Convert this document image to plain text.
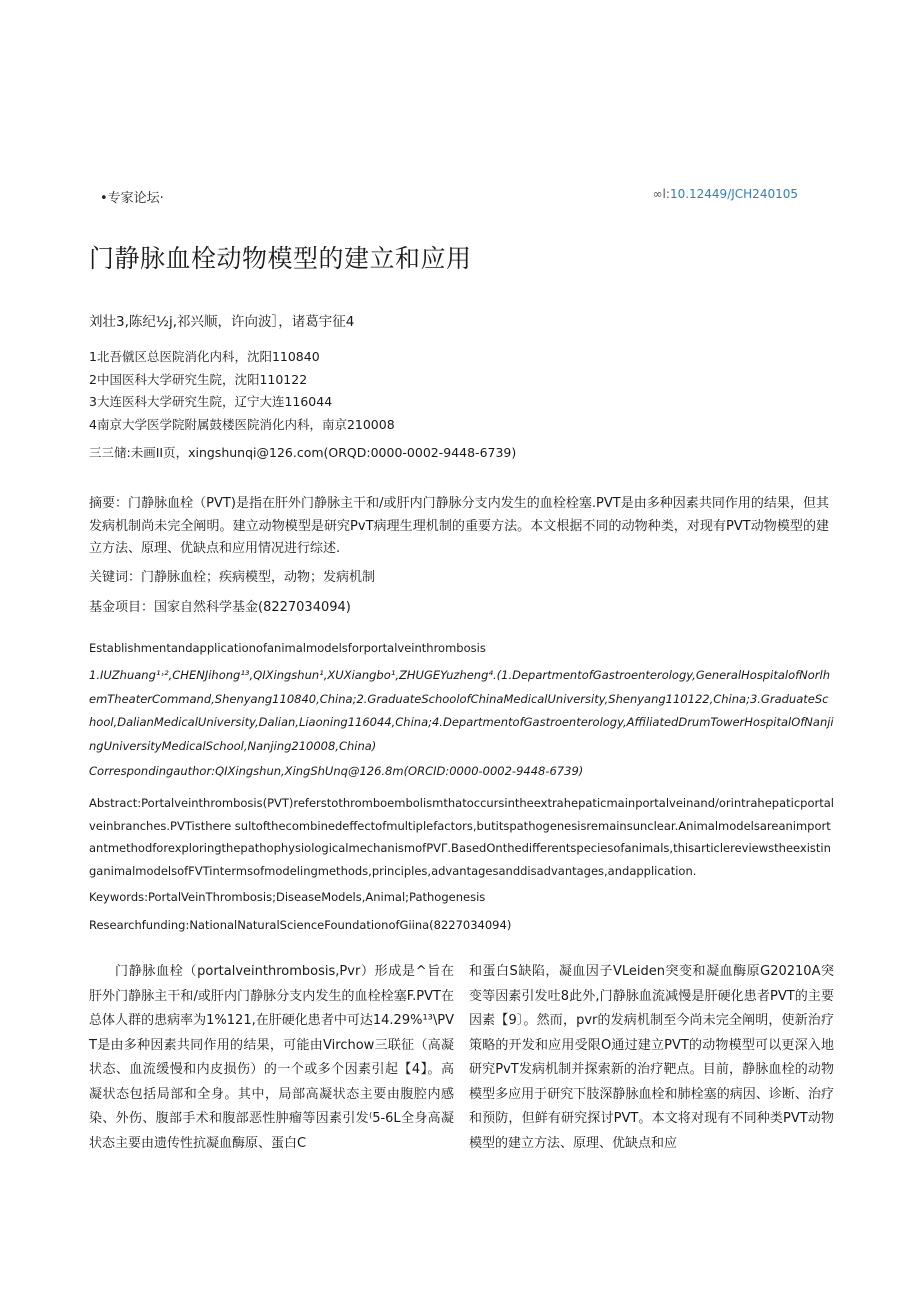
•专家论坛·	∞l:10.12449/JCH240105
门静脉血栓动物模型的建立和应用
刘壮3,陈纪½j,祁兴顺，许向波］，诸葛宇征4
1北吾僦区总医院消化内科，沈阳110840
2中国医科大学研究生院，沈阳110122
3大连医科大学研究生院，辽宁大连116044
4南京大学医学院附属鼓楼医院消化内科，南京210008
三三储:未画II页，xingshunqi@126.com(ORQD:0000-0002-9448-6739)
摘要：门静脉血栓（PVT)是指在肝外门静脉主干和/或肝内门静脉分支内发生的血栓栓塞.PVT是由多种因素共同作用的结果，但其发病机制尚未完全阐明。建立动物模型是研究PvT病理生理机制的重要方法。本文根据不同的动物种类，对现有PVT动物模型的建立方法、原理、优缺点和应用情况进行综述.
关键词：门静脉血栓；疾病模型，动物；发病机制
基金项目：国家自然科学基金(8227034094)
Establishmentandapplicationofanimalmodelsforportalveinthrombosis
1.IUZhuang¹˒²,CHENJihong¹³,QIXingshun¹,XUXiangbo¹,ZHUGEYuzheng⁴.(1.DepartmentofGastroenterology,GeneralHospitalofNorlhemTheaterCommand,Shenyang110840,China;2.GraduateSchoolofChinaMedicalUniversity,Shenyang110122,China;3.GraduateSchool,DalianMedicalUniversity,Dalian,Liaoning116044,China;4.DepartmentofGastroenterology,AffiliatedDrumTowerHospitalOfNanjingUniversityMedicalSchool,Nanjing210008,China)
Correspondingauthor:QIXingshun,XingShUnq@126.8m(ORCID:0000-0002-9448-6739)
Abstract:Portalveinthrombosis(PVT)referstothromboembolismthatoccursintheextrahepaticmainportalveinand/orintrahepaticportalveinbranches.PVTisthere sultofthecombinedeffectofmultiplefactors,butitspathogenesisremainsunclear.AnimalmodelsareanimportantmethodforexploringthepathophysiologicalmechanismofPVΓ.BasedOnthedifferentspeciesofanimals,thisarticlereviewstheexistinganimalmodelsofFVTintermsofmodelingmethods,principles,advantagesanddisadvantages,andapplication.
Keywords:PortalVeinThrombosis;DiseaseModels,Animal;Pathogenesis
Researchfunding:NationalNaturalScienceFoundationofGiina(8227034094)
门静脉血栓（portalveinthrombosis,Pvr）形成是^旨在肝外门静脉主干和/或肝内门静脉分支内发生的血栓栓塞F.PVT在总体人群的患病率为1%121,在肝硬化患者中可达14.29%¹³\PVT是由多种因素共同作用的结果，可能由Virchow三联征（高凝状态、血流缓慢和内皮损伤）的一个或多个因素引起【4】。高凝状态包括局部和全身。其中，局部高凝状态主要由腹腔内感染、外伤、腹部手术和腹部恶性肿瘤等因素引发⁽5-6L全身高凝状态主要由遗传性抗凝血酶原、蛋白C
和蛋白S缺陷，凝血因子VLeiden突变和凝血酶原G20210A突变等因素引发吐8此外,门静脉血流减慢是肝硬化患者PVT的主要因素【9〕。然而，pvr的发病机制至今尚未完全阐明，使新治疗策略的开发和应用受限O通过建立PVT的动物模型可以更深入地研究PvT发病机制并探索新的治疗靶点。目前，静脉血栓的动物模型多应用于研究下肢深静脉血栓和肺栓塞的病因、诊断、治疗和预防，但鲜有研究探讨PVT。本文将对现有不同种类PVT动物模型的建立方法、原理、优缺点和应
